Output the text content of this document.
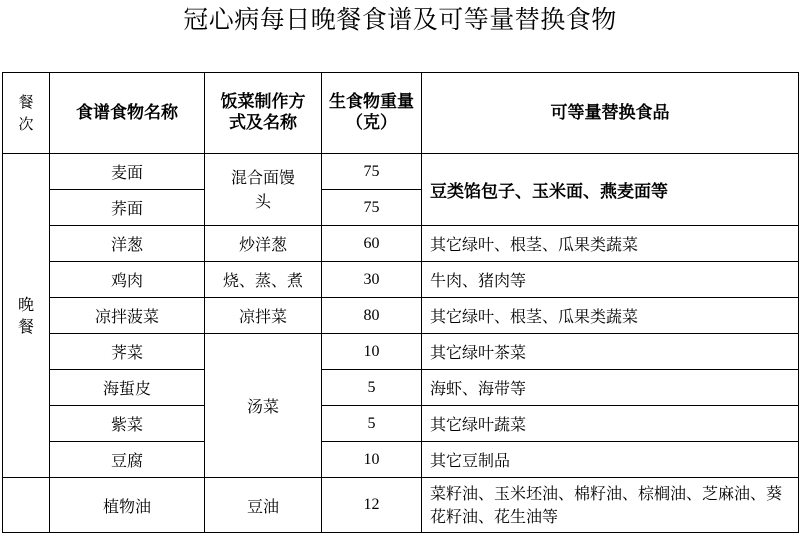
冠心病每日晚餐食谱及可等量替换食物
餐次	食谱食物名称	饭菜制作方式及名称	生食物重量（克）	可等量替换食品
晚餐	麦面	混合面馒头	75	豆类馅包子、玉米面、燕麦面等
	荞面		75	
	洋葱	炒洋葱	60	其它绿叶、根茎、瓜果类蔬菜
	鸡肉	烧、蒸、煮	30	牛肉、猪肉等
	凉拌菠菜	凉拌菜	80	其它绿叶、根茎、瓜果类蔬菜
	荠菜	汤菜	10	其它绿叶茶菜
	海蜇皮		5	海虾、海带等
	紫菜		5	其它绿叶蔬菜
	豆腐		10	其它豆制品
	植物油	豆油	12	菜籽油、玉米坯油、棉籽油、棕榈油、芝麻油、葵花籽油、花生油等
